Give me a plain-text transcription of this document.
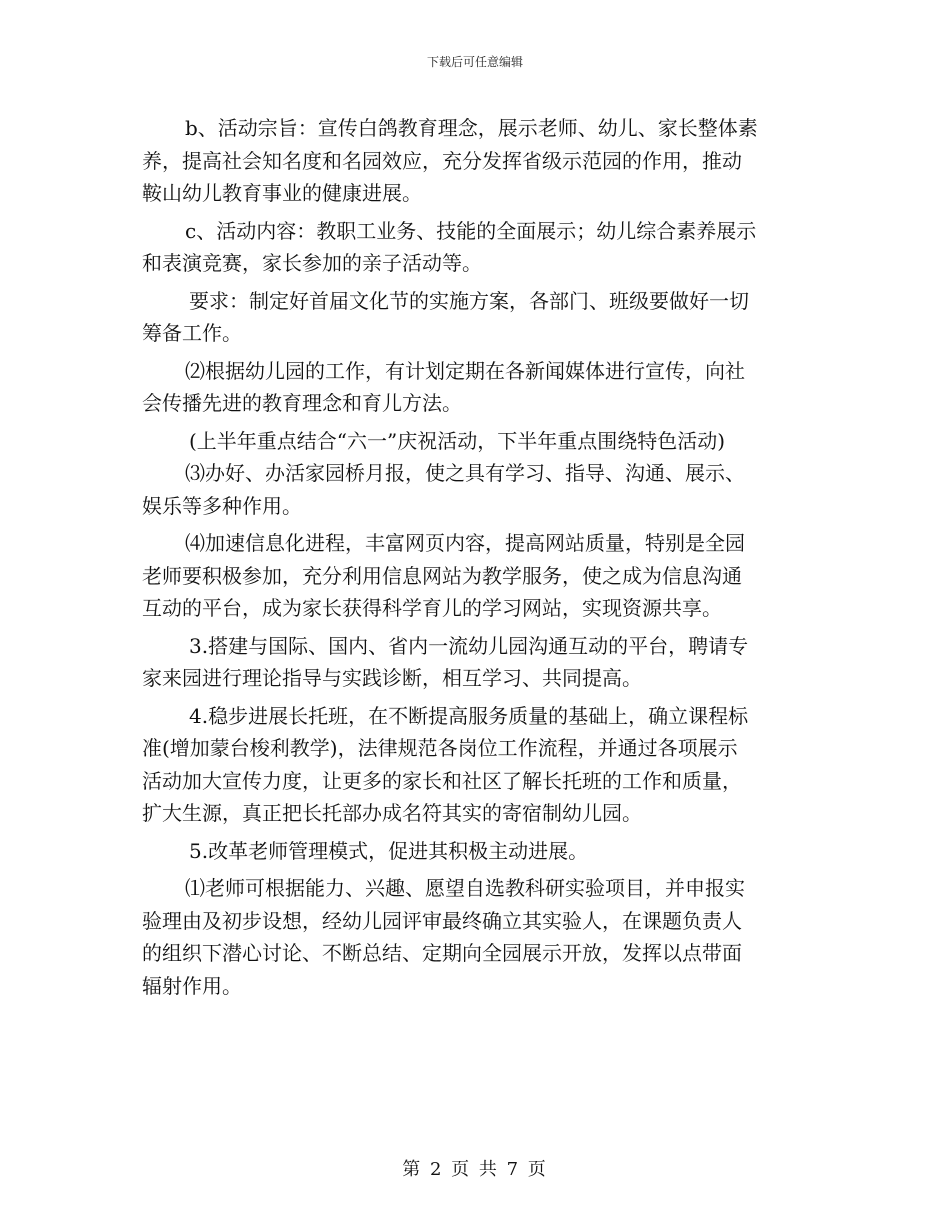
下载后可任意编辑
b、活动宗旨：宣传白鸽教育理念，展示老师、幼儿、家长整体素
养，提高社会知名度和名园效应，充分发挥省级示范园的作用，推动
鞍山幼儿教育事业的健康进展。
c、活动内容：教职工业务、技能的全面展示；幼儿综合素养展示
和表演竞赛，家长参加的亲子活动等。
要求：制定好首届文化节的实施方案，各部门、班级要做好一切
筹备工作。
⑵根据幼儿园的工作，有计划定期在各新闻媒体进行宣传，向社
会传播先进的教育理念和育儿方法。
(上半年重点结合“六一”庆祝活动，下半年重点围绕特色活动)
⑶办好、办活家园桥月报，使之具有学习、指导、沟通、展示、
娱乐等多种作用。
⑷加速信息化进程，丰富网页内容，提高网站质量，特别是全园
老师要积极参加，充分利用信息网站为教学服务，使之成为信息沟通
互动的平台，成为家长获得科学育儿的学习网站，实现资源共享。
3.搭建与国际、国内、省内一流幼儿园沟通互动的平台，聘请专
家来园进行理论指导与实践诊断，相互学习、共同提高。
4.稳步进展长托班，在不断提高服务质量的基础上，确立课程标
准(增加蒙台梭利教学)，法律规范各岗位工作流程，并通过各项展示
活动加大宣传力度，让更多的家长和社区了解长托班的工作和质量，
扩大生源，真正把长托部办成名符其实的寄宿制幼儿园。
5.改革老师管理模式，促进其积极主动进展。
⑴老师可根据能力、兴趣、愿望自选教科研实验项目，并申报实
验理由及初步设想，经幼儿园评审最终确立其实验人，在课题负责人
的组织下潜心讨论、不断总结、定期向全园展示开放，发挥以点带面
辐射作用。
第 2 页 共 7 页
